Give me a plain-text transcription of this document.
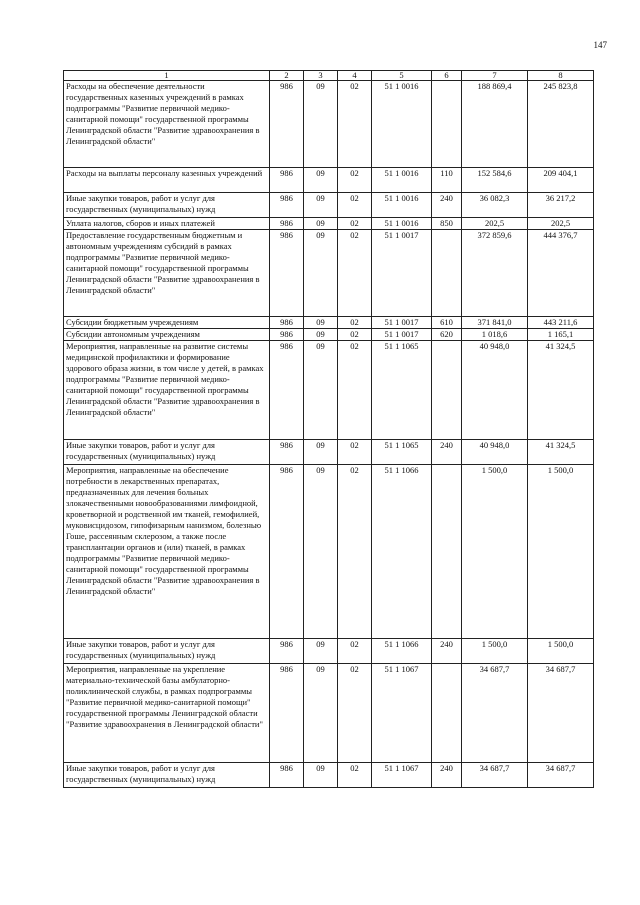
147
1	2	3	4	5	6	7	8
Расходы на обеспечение деятельности государственных казенных учреждений в рамках подпрограммы "Развитие первичной медико-санитарной помощи" государственной программы Ленинградской области "Развитие здравоохранения в Ленинградской области"	986	09	02	51 1 0016		188 869,4	245 823,8
Расходы на выплаты персоналу казенных учреждений	986	09	02	51 1 0016	110	152 584,6	209 404,1
Иные закупки товаров, работ и услуг для государственных (муниципальных) нужд	986	09	02	51 1 0016	240	36 082,3	36 217,2
Уплата налогов, сборов и иных платежей	986	09	02	51 1 0016	850	202,5	202,5
Предоставление государственным бюджетным и автономным учреждениям субсидий в рамках подпрограммы "Развитие первичной медико-санитарной помощи" государственной программы Ленинградской области "Развитие здравоохранения в Ленинградской области"	986	09	02	51 1 0017		372 859,6	444 376,7
Субсидии бюджетным учреждениям	986	09	02	51 1 0017	610	371 841,0	443 211,6
Субсидии автономным учреждениям	986	09	02	51 1 0017	620	1 018,6	1 165,1
Мероприятия, направленные на развитие системы медицинской профилактики и формирование здорового образа жизни, в том числе у детей, в рамках подпрограммы "Развитие первичной медико-санитарной помощи" государственной программы Ленинградской области "Развитие здравоохранения в Ленинградской области"	986	09	02	51 1 1065		40 948,0	41 324,5
Иные закупки товаров, работ и услуг для государственных (муниципальных) нужд	986	09	02	51 1 1065	240	40 948,0	41 324,5
Мероприятия, направленные на обеспечение потребности в лекарственных препаратах, предназначенных для лечения больных злокачественными новообразованиями лимфоидной, кроветворной и родственной им тканей, гемофилией, муковисцидозом, гипофизарным нанизмом, болезнью Гоше, рассеянным склерозом, а также после трансплантации органов и (или) тканей, в рамках подпрограммы "Развитие первичной медико-санитарной помощи" государственной программы Ленинградской области "Развитие здравоохранения в Ленинградской области"	986	09	02	51 1 1066		1 500,0	1 500,0
Иные закупки товаров, работ и услуг для государственных (муниципальных) нужд	986	09	02	51 1 1066	240	1 500,0	1 500,0
Мероприятия, направленные на укрепление материально-технической базы амбулаторно-поликлинической службы, в рамках подпрограммы "Развитие первичной медико-санитарной помощи" государственной программы Ленинградской области "Развитие здравоохранения в Ленинградской области"	986	09	02	51 1 1067		34 687,7	34 687,7
Иные закупки товаров, работ и услуг для государственных (муниципальных) нужд	986	09	02	51 1 1067	240	34 687,7	34 687,7
